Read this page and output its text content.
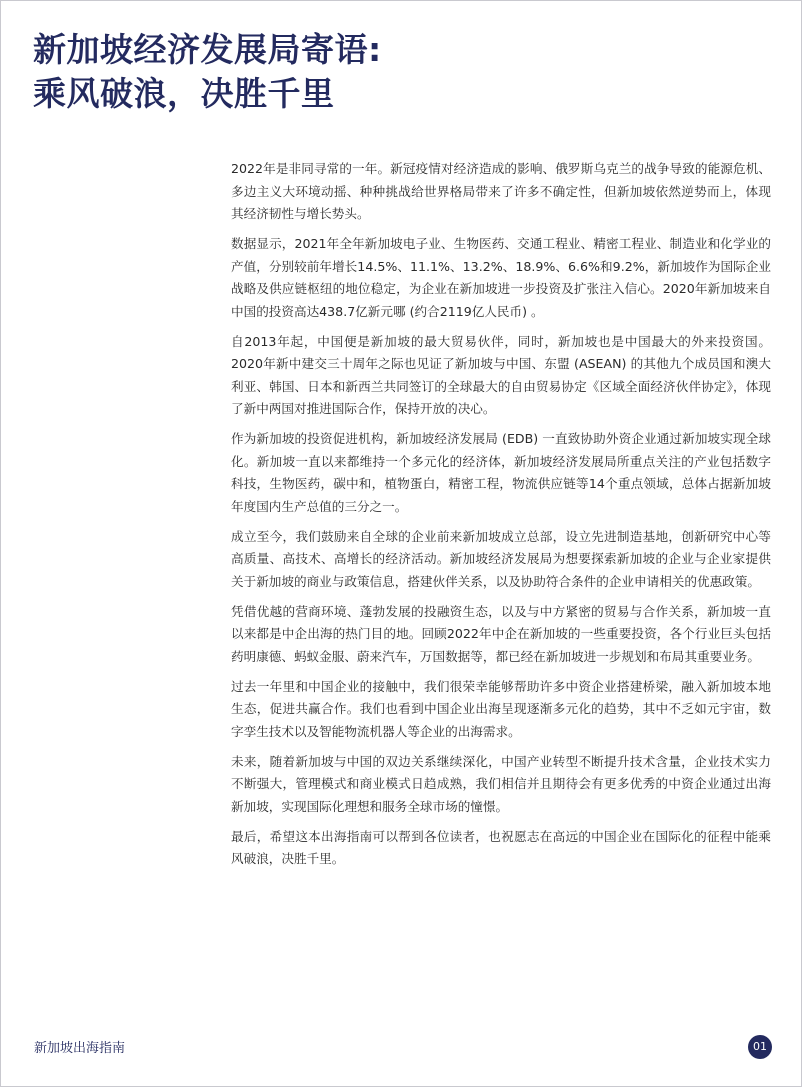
新加坡经济发展局寄语:
乘风破浪，决胜千里

2022年是非同寻常的一年。新冠疫情对经济造成的影响、俄罗斯乌克兰的战争导致的能源危机、多边主义大环境动摇、种种挑战给世界格局带来了许多不确定性，但新加坡依然逆势而上，体现其经济韧性与增长势头。

数据显示，2021年全年新加坡电子业、生物医药、交通工程业、精密工程业、制造业和化学业的产值，分别较前年增长14.5%、11.1%、13.2%、18.9%、6.6%和9.2%，新加坡作为国际企业战略及供应链枢纽的地位稳定，为企业在新加坡进一步投资及扩张注入信心。2020年新加坡来自中国的投资高达438.7亿新元哪 (约合2119亿人民币) 。

自2013年起，中国便是新加坡的最大贸易伙伴，同时，新加坡也是中国最大的外来投资国。2020年新中建交三十周年之际也见证了新加坡与中国、东盟 (ASEAN) 的其他九个成员国和澳大利亚、韩国、日本和新西兰共同签订的全球最大的自由贸易协定《区域全面经济伙伴协定》，体现了新中两国对推进国际合作，保持开放的决心。

作为新加坡的投资促进机构，新加坡经济发展局 (EDB) 一直致协助外资企业通过新加坡实现全球化。新加坡一直以来都维持一个多元化的经济体，新加坡经济发展局所重点关注的产业包括数字科技，生物医药，碳中和，植物蛋白，精密工程，物流供应链等14个重点领域，总体占据新加坡年度国内生产总值的三分之一。

成立至今，我们鼓励来自全球的企业前来新加坡成立总部，设立先进制造基地，创新研究中心等高质量、高技术、高增长的经济活动。新加坡经济发展局为想要探索新加坡的企业与企业家提供关于新加坡的商业与政策信息，搭建伙伴关系，以及协助符合条件的企业申请相关的优惠政策。

凭借优越的营商环境、蓬勃发展的投融资生态，以及与中方紧密的贸易与合作关系，新加坡一直以来都是中企出海的热门目的地。回顾2022年中企在新加坡的一些重要投资，各个行业巨头包括药明康德、蚂蚁金服、蔚来汽车，万国数据等，都已经在新加坡进一步规划和布局其重要业务。

过去一年里和中国企业的接触中，我们很荣幸能够帮助许多中资企业搭建桥梁，融入新加坡本地生态，促进共赢合作。我们也看到中国企业出海呈现逐渐多元化的趋势，其中不乏如元宇宙，数字孪生技术以及智能物流机器人等企业的出海需求。

未来，随着新加坡与中国的双边关系继续深化，中国产业转型不断提升技术含量，企业技术实力不断强大，管理模式和商业模式日趋成熟，我们相信并且期待会有更多优秀的中资企业通过出海新加坡，实现国际化理想和服务全球市场的憧憬。

最后，希望这本出海指南可以帮到各位读者，也祝愿志在高远的中国企业在国际化的征程中能乘风破浪，决胜千里。

新加坡出海指南	01
